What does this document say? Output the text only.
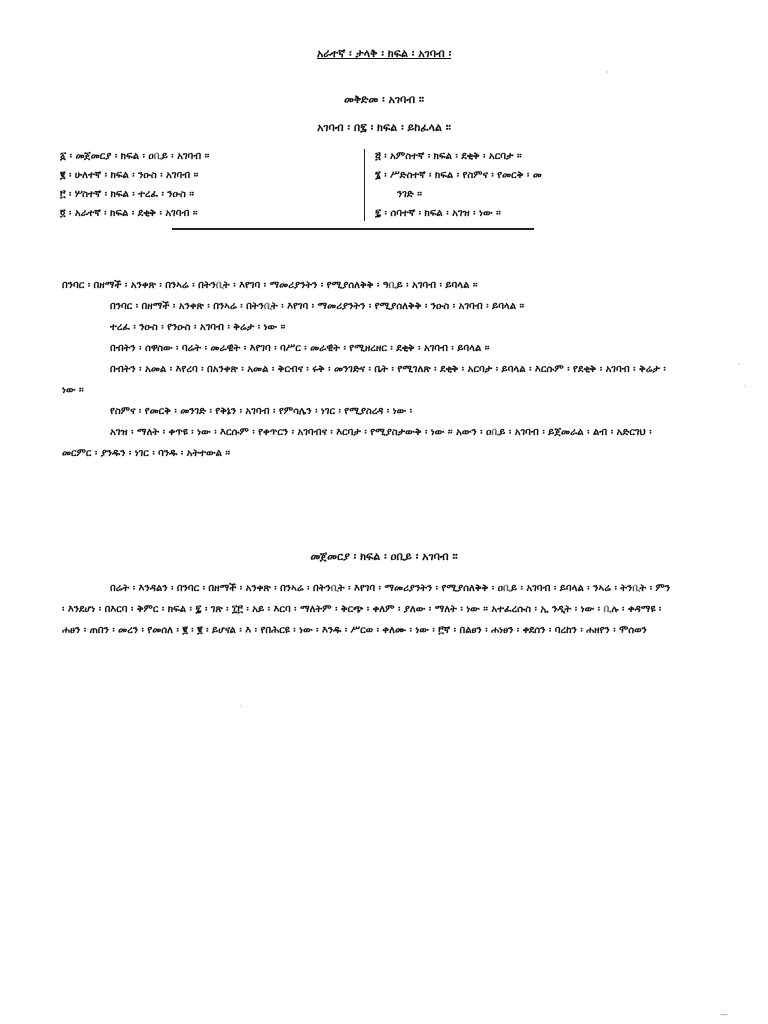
አራተኛ ፡ ታላቅ ፡ ክፍል ፡ አገባብ ፡
መቅድመ ፡ አገባብ ።
አገባብ ፡ በ፯ ፡ ክፍል ፡ ይከፈላል ።
፩ ፡ መጀመርያ ፡ ክፍል ፡ ዐቢይ ፡ አገባብ ።
፪ ፡ ሁለተኛ ፡ ክፍል ፡ ንዑስ ፡ አገባብ ።
፫ ፡ ሦስተኛ ፡ ክፍል ፡ ተረፈ ፡ ንዑስ ።
፬ ፡ አራተኛ ፡ ክፍል ፡ ደቂቅ ፡ አገባብ ።
፭ ፡ አምስተኛ ፡ ክፍል ፡ ደቂቅ ፡ አርባታ ።
፮ ፡ ሥድስተኛ ፡ ክፍል ፡ የስምና ፡ የመርቅ ፡ መ
ንገድ ።
፯ ፡ ሰባተኛ ፡ ክፍል ፡ አገዝ ፡ ነው ።

በንባር ፡ በዘማች ፡ አንቀጽ ፡ በንኣሬ ፡ በትንቢት ፡ እየገባ ፡ ማመሪያንትን ፡ የሚያሰለቅቅ ፡ ዓቢይ ፡ አገባብ ፡ ይባላል ።

በንባር ፡ በዘማች ፡ አንቀጽ ፡ በንኣሬ ፡ በትንቢት ፡ እየገባ ፡ ማመሪያንትን ፡ የሚያሰለቅቅ ፡ ንዑስ ፡ አገባብ ፡ ይባላል ።

ተረፈ ፡ ንዑስ ፡ የንዑስ ፡ አገባብ ፡ ቅሬታ ፡ ነው ።

በብትን ፡ ሰዋስው ፡ ባሬት ፡ መራዊት ፡ እየገባ ፡ ባሥር ፡ መራዊት ፡ የሚዘረዘር ፡ ደቂቅ ፡ አገባብ ፡ ይባላል ።

በብትን ፡ አመል ፡ እየረባ ፡ በአንቀጽ ፡ አመል ፡ ቅርብና ፡ ሩቅ ፡ መንገድና ፡ ቤት ፡ የሚገለጽ ፡ ደቂቅ ፡ አርባታ ፡ ይባላል ፡ እርሱም ፡ የደቂቅ ፡ አገባብ ፡ ቅሬታ ፡ ነው ።

የስምና ፡ የመርቅ ፡ መንገድ ፡ የቅኔን ፡ አገባብ ፡ የምሳሌን ፡ ነገር ፡ የሚያስረዳ ፡ ነው ፡

አገዝ ፡ ማለት ፡ ቀጥዩ ፡ ነው ፡ እርሱም ፡ የቀጥርን ፡ አገባብና ፡ እርባታ ፡ የሚያስታውቅ ፡ ነው ። አውን ፡ ዐቢይ ፡ አገባብ ፡ ይጀመራል ፡ ልብ ፡ አድርገህ ፡ መርምር ፡ ያንዱን ፡ ነገር ፡ ባንዱ ፡ አትተውል ።

መጀመርያ ፡ ክፍል ፡ ዐቢይ ፡ አገባብ ።

በሬት ፡ እንዳልን ፡ በንባር ፡ በዘማች ፡ አንቀጽ ፡ በንኣሬ ፡ በትንቢት ፡ እየገባ ፡ ማመሪያንትን ፡ የሚያሰለቅቅ ፡ ዐቢይ ፡ አገባብ ፡ ይባላል ፡ ንኣሬ ፡ ትንቢት ፡ ምን ፡ እንደሆነ ፡ በእርባ ፡ ቅምር ፡ ክፍል ፡ ፯ ፡ ገጽ ፡ ፲፫ ፡ አይ ፡ እርባ ፡ ማለትም ፡ ቅርጭ ፡ ቀለም ፡ ያለው ፡ ማለት ፡ ነው ። አተፈረሱስ ፡ ኢ ንዲት ፡ ነው ፡ ቢሉ ፡ ቀዳማዩ ፡ ሐፀን ፡ ጠበን ፡ መረን ፡ የመሰለ ፡ ፪ ፡ ፪ ፡ ይሆናል ፡ እ ፡ የበሕርዩ ፡ ነው ፡ እንዱ ፡ ሥርወ ፡ ቀለሙ ፡ ነው ፡ ፫ኛ ፡ በልፀን ፡ ሐነፀን ፡ ቀደሰን ፡ ባረከን ፡ ሐዘየን ፡ ሞሰወን

·
·
·
·
—
